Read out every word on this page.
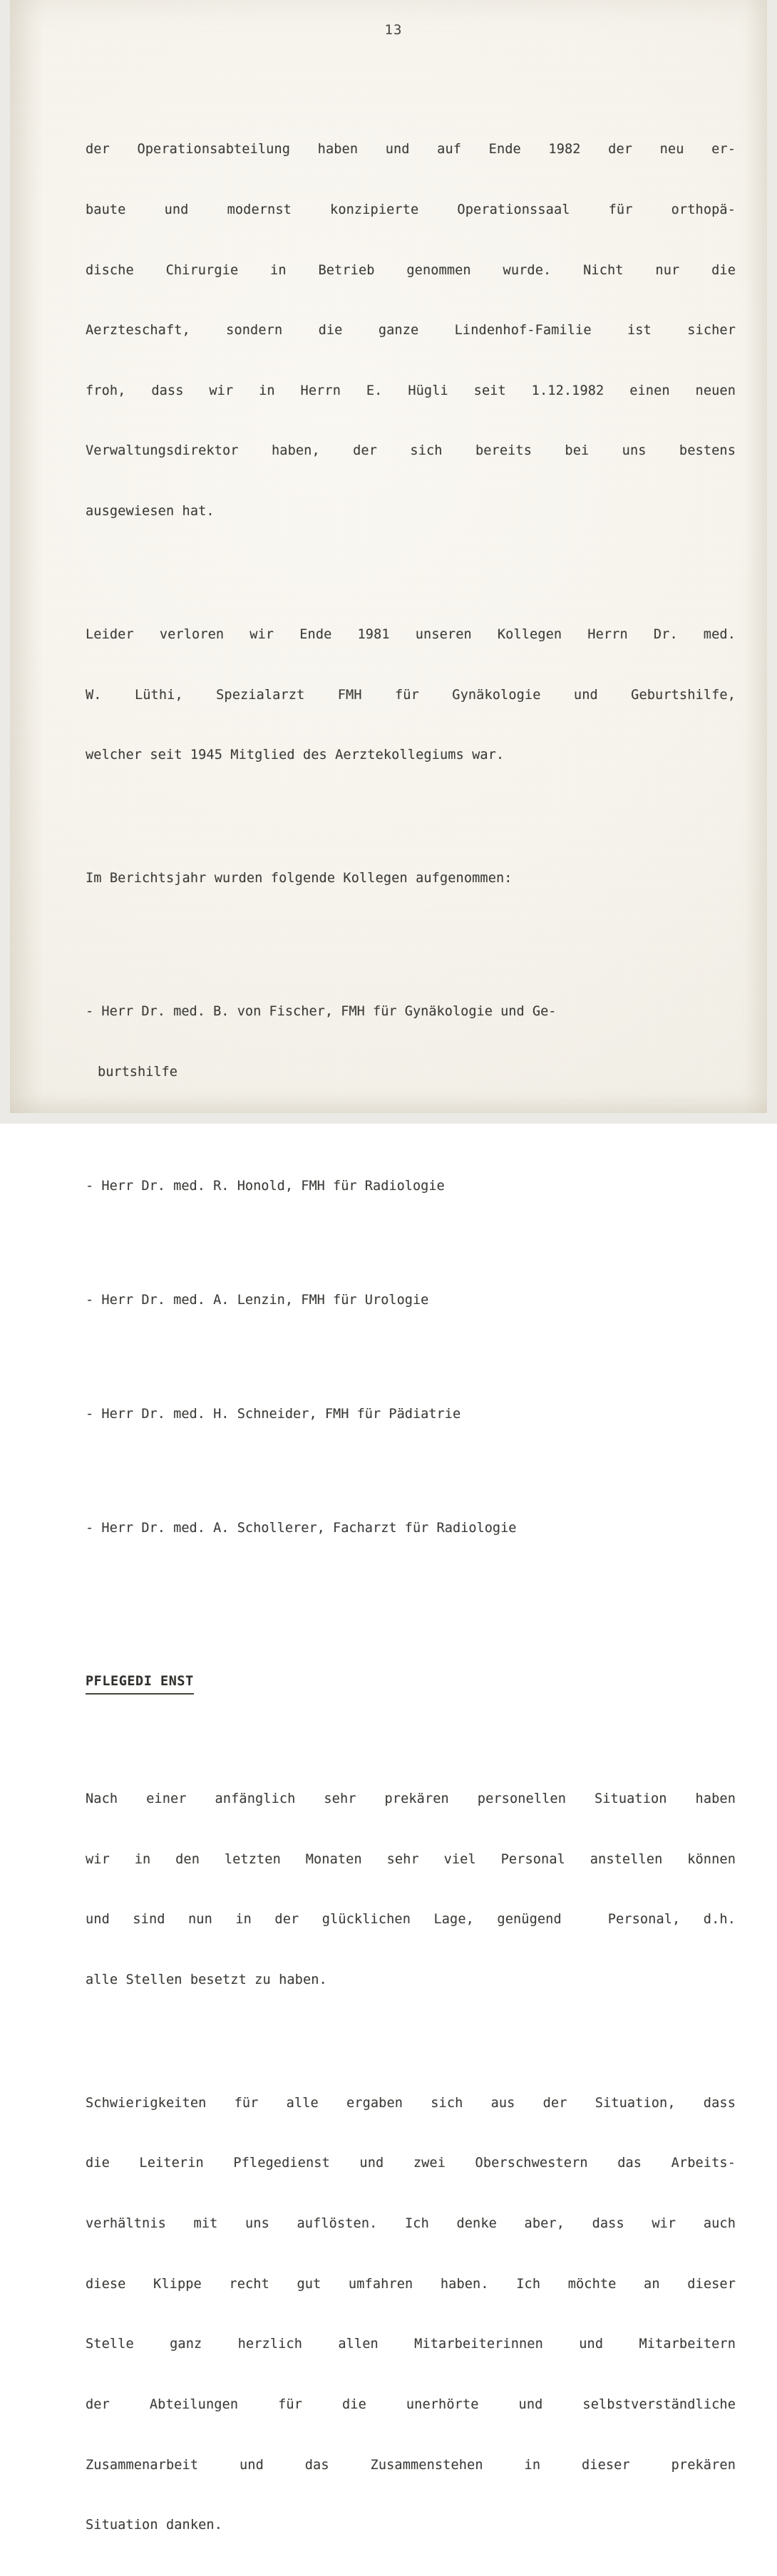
13

der Operationsabteilung haben und auf Ende 1982 der neu er-

baute und modernst konzipierte Operationssaal für orthopä-

dische Chirurgie in Betrieb genommen wurde. Nicht nur die

Aerzteschaft, sondern die ganze Lindenhof-Familie ist sicher

froh, dass wir in Herrn E. Hügli seit 1.12.1982 einen neuen

Verwaltungsdirektor haben, der sich bereits bei uns bestens

ausgewiesen hat.

Leider verloren wir Ende 1981 unseren Kollegen Herrn Dr. med.

W. Lüthi, Spezialarzt FMH für Gynäkologie und Geburtshilfe,

welcher seit 1945 Mitglied des Aerztekollegiums war.

Im Berichtsjahr wurden folgende Kollegen aufgenommen:

- Herr Dr. med. B. von Fischer, FMH für Gynäkologie und Ge-

burtshilfe

- Herr Dr. med. R. Honold, FMH für Radiologie

- Herr Dr. med. A. Lenzin, FMH für Urologie

- Herr Dr. med. H. Schneider, FMH für Pädiatrie

- Herr Dr. med. A. Schollerer, Facharzt für Radiologie

PFLEGEDI ENST

Nach einer anfänglich sehr prekären personellen Situation haben

wir in den letzten Monaten sehr viel Personal anstellen können

und sind nun in der glücklichen Lage, genügend  Personal, d.h.

alle Stellen besetzt zu haben.

Schwierigkeiten für alle ergaben sich aus der Situation, dass

die Leiterin Pflegedienst und zwei Oberschwestern das Arbeits-

verhältnis mit uns auflösten. Ich denke aber, dass wir auch

diese Klippe recht gut umfahren haben. Ich möchte an dieser

Stelle ganz herzlich allen Mitarbeiterinnen und Mitarbeitern

der Abteilungen für die unerhörte und selbstverständliche

Zusammenarbeit und das Zusammenstehen in dieser prekären

Situation danken.
